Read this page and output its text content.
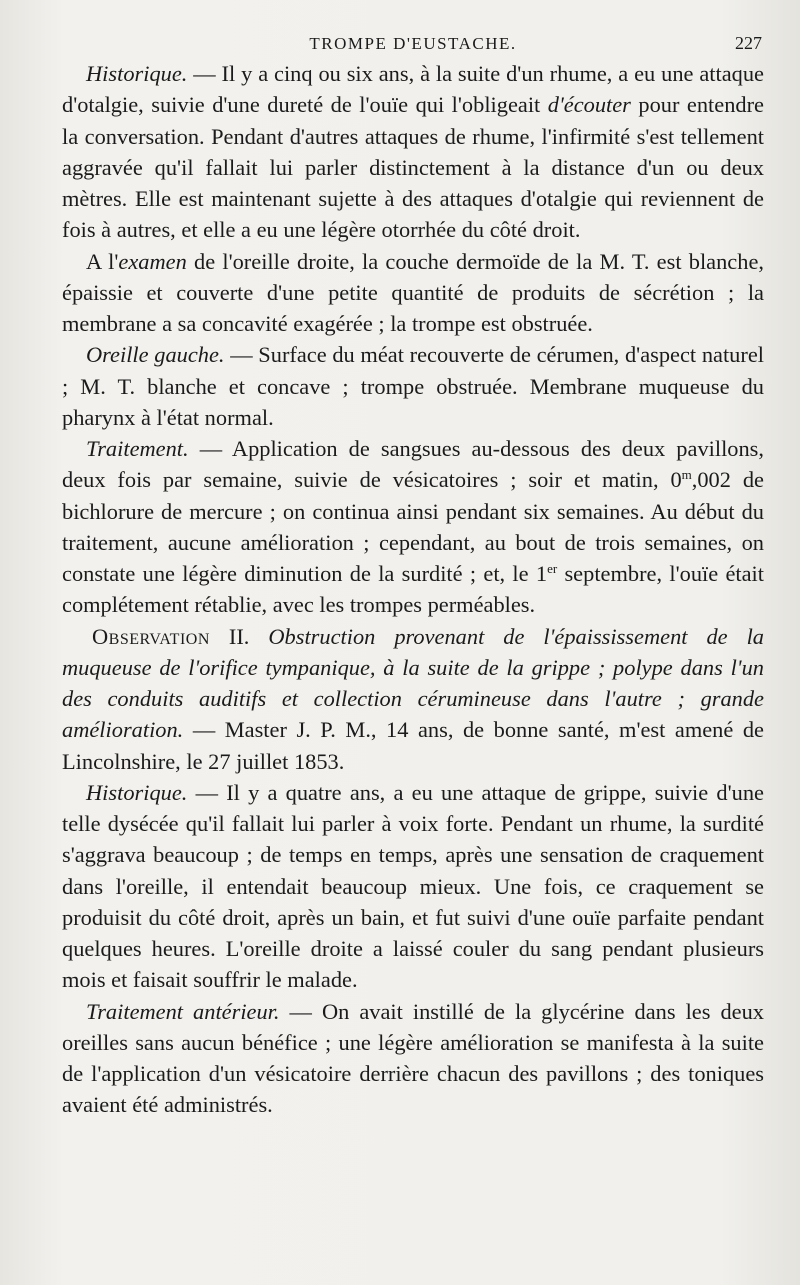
TROMPE D'EUSTACHE.	227

Historique. — Il y a cinq ou six ans, à la suite d'un rhume, a eu une attaque d'otalgie, suivie d'une dureté de l'ouïe qui l'obligeait d'écouter pour entendre la conversation. Pendant d'autres attaques de rhume, l'infirmité s'est tellement aggravée qu'il fallait lui parler distinctement à la distance d'un ou deux mètres. Elle est maintenant sujette à des attaques d'otalgie qui reviennent de fois à autres, et elle a eu une légère otorrhée du côté droit.

A l'examen de l'oreille droite, la couche dermoïde de la M. T. est blanche, épaissie et couverte d'une petite quantité de produits de sécrétion ; la membrane a sa concavité exagérée ; la trompe est obstruée.

Oreille gauche. — Surface du méat recouverte de cérumen, d'aspect naturel ; M. T. blanche et concave ; trompe obstruée. Membrane muqueuse du pharynx à l'état normal.

Traitement. — Application de sangsues au-dessous des deux pavillons, deux fois par semaine, suivie de vésicatoires ; soir et matin, 0$^m$,002 de bichlorure de mercure ; on continua ainsi pendant six semaines. Au début du traitement, aucune amélioration ; cependant, au bout de trois semaines, on constate une légère diminution de la surdité ; et, le 1er septembre, l'ouïe était complétement rétablie, avec les trompes perméables.

Observation II. Obstruction provenant de l'épaississement de la muqueuse de l'orifice tympanique, à la suite de la grippe ; polype dans l'un des conduits auditifs et collection cérumineuse dans l'autre ; grande amélioration. — Master J. P. M., 14 ans, de bonne santé, m'est amené de Lincolnshire, le 27 juillet 1853.

Historique. — Il y a quatre ans, a eu une attaque de grippe, suivie d'une telle dysécée qu'il fallait lui parler à voix forte. Pendant un rhume, la surdité s'aggrava beaucoup ; de temps en temps, après une sensation de craquement dans l'oreille, il entendait beaucoup mieux. Une fois, ce craquement se produisit du côté droit, après un bain, et fut suivi d'une ouïe parfaite pendant quelques heures. L'oreille droite a laissé couler du sang pendant plusieurs mois et faisait souffrir le malade.

Traitement antérieur. — On avait instillé de la glycérine dans les deux oreilles sans aucun bénéfice ; une légère amélioration se manifesta à la suite de l'application d'un vésicatoire derrière chacun des pavillons ; des toniques avaient été administrés.
